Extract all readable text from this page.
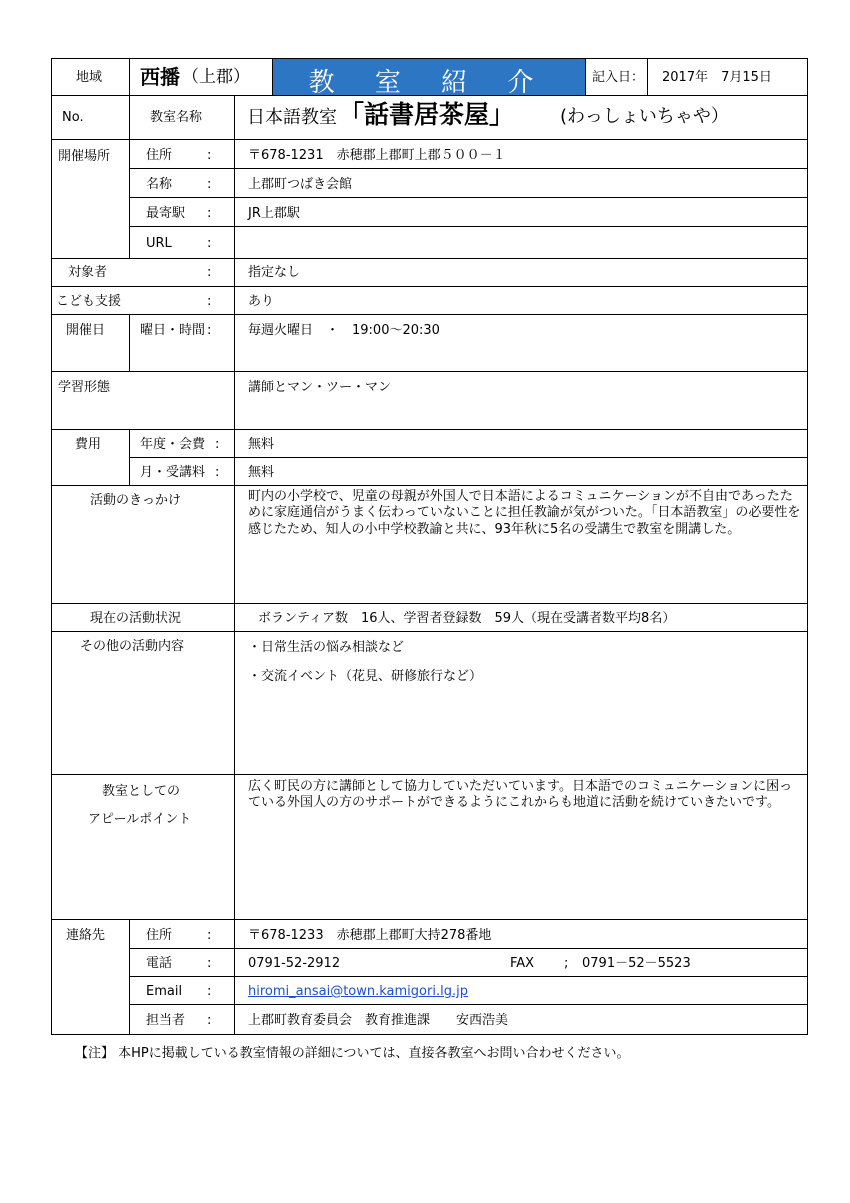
地域 西播 （上郡）	教 室 紹 介	記入日： 2017年　7月15日
No.	教室名称 日本語教室 「話書居茶屋」	(わっしょいちゃや）
開催場所	住所	:	〒678-1231　赤穂郡上郡町上郡５００－１
名称	:	上郡町つばき会館
最寄駅 :	JR上郡駅
URL	:
対象者	:	指定なし
こども支援	:	あり
開催日	曜日・時間 :	毎週火曜日　・　19:00～20:30
学習形態	講師とマン・ツー・マン
費用	年度・会費 : 無料
月・受講料 : 無料
活動のきっかけ	町内の小学校で、児童の母親が外国人で日本語によるコミュニケーションが不自由であったために家庭通信がうまく伝わっていないことに担任教諭が気がついた。「日本語教室」の必要性を感じたため、知人の小中学校教諭と共に、93年秋に5名の受講生で教室を開講した。
現在の活動状況	ボランティア数　16人、学習者登録数　59人（現在受講者数平均8名）
その他の活動内容	・日常生活の悩み相談など
・交流イベント（花見、研修旅行など）
教室としての
アピールポイント
広く町民の方に講師として協力していただいています。日本語でのコミュニケーションに困っている外国人の方のサポートができるようにこれからも地道に活動を続けていきたいです。
連絡先	住所	:	〒678-1233　赤穂郡上郡町大持278番地
電話	:	0791-52-2912	FAX ; 0791－52－5523
Email :	hiromi_ansai@town.kamigori.lg.jp
担当者 :	上郡町教育委員会　教育推進課　　安西浩美
【注】 本HPに掲載している教室情報の詳細については、直接各教室へお問い合わせください。
